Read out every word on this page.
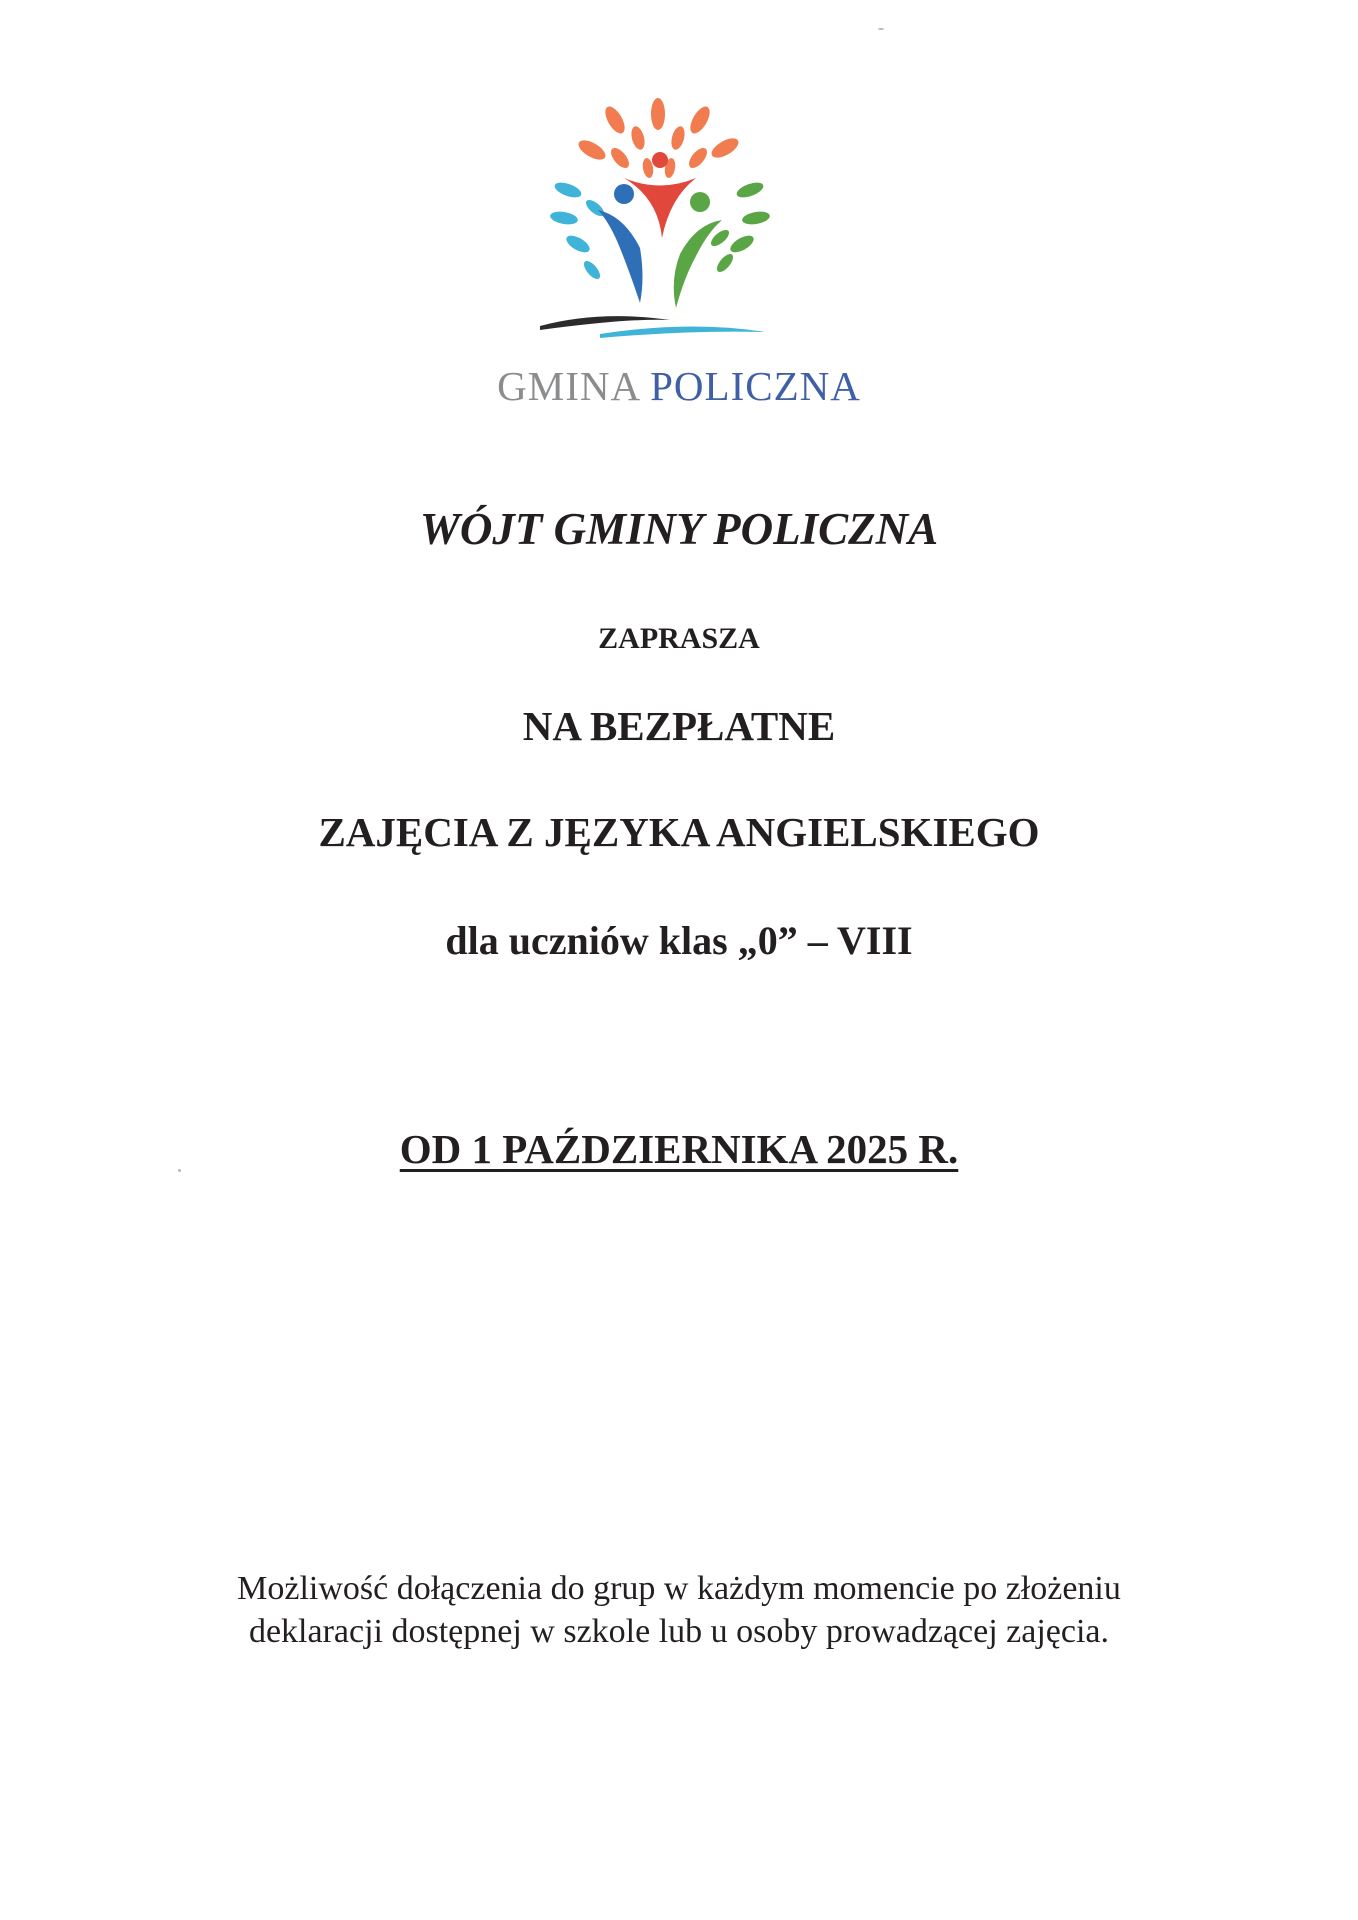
GMINA POLICZNA
WÓJT GMINY POLICZNA
ZAPRASZA
NA BEZPŁATNE
ZAJĘCIA Z JĘZYKA ANGIELSKIEGO
dla uczniów klas „0” – VIII
OD 1 PAŹDZIERNIKA 2025 R.

Możliwość dołączenia do grup w każdym momencie po złożeniu

deklaracji dostępnej w szkole lub u osoby prowadzącej zajęcia.
